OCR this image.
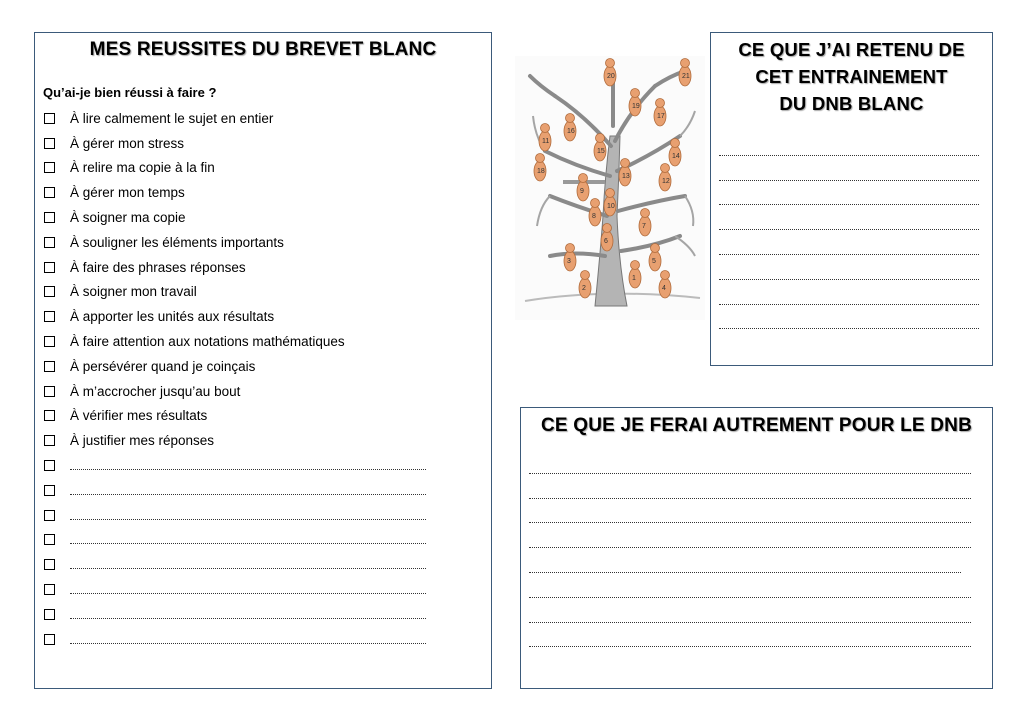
MES REUSSITES DU BREVET BLANC
Qu’ai-je bien réussi à faire ?
À lire calmement le sujet en entier
À gérer mon stress
À relire ma copie à la fin
À gérer mon temps
À soigner ma copie
À souligner les éléments importants
À faire des phrases réponses
À soigner mon travail
À apporter les unités aux résultats
À faire attention aux notations mathématiques
À persévérer quand je coinçais
À m’accrocher jusqu’au bout
À vérifier mes résultats
À justifier mes réponses
1
2
3
4
5
6
7
8
9
10
11
12
13
14
15
16
17
18
19
20	21
CE QUE J’AI RETENU DE
CET ENTRAINEMENT
DU DNB BLANC
CE QUE JE FERAI AUTREMENT POUR LE DNB
